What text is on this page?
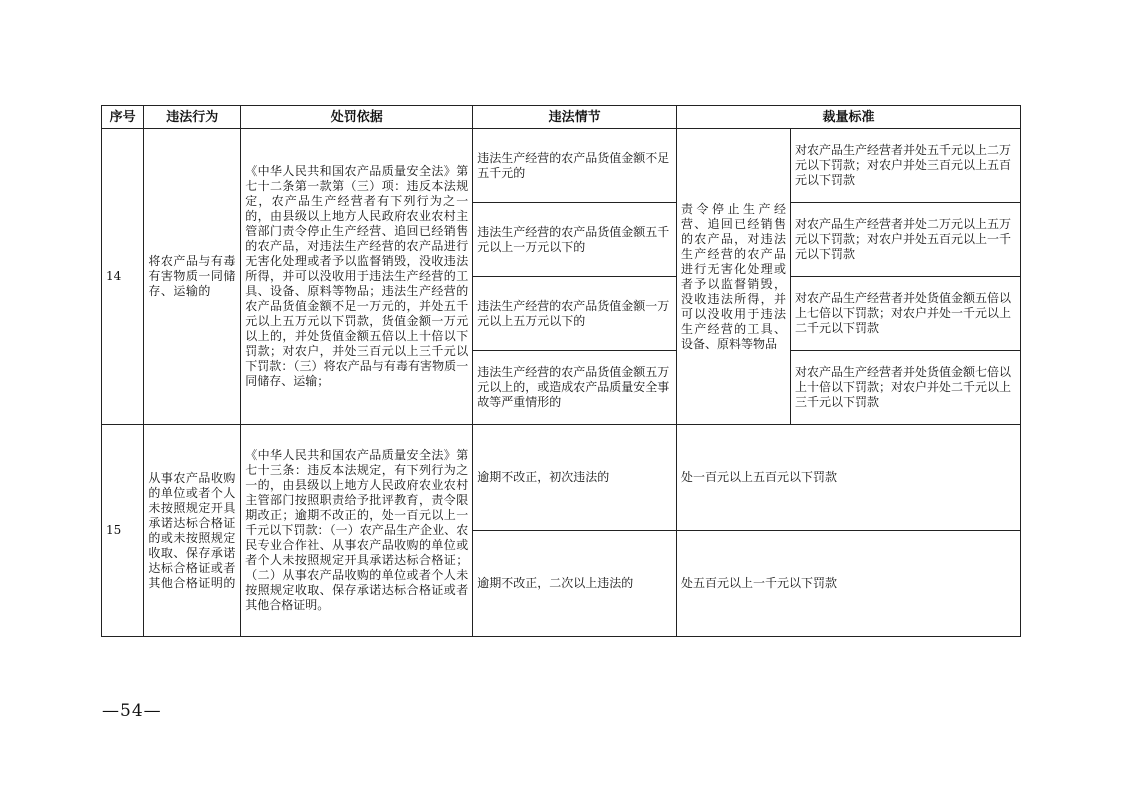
序号	违法行为	处罚依据	违法情节	裁量标准	
14	将农产品与有毒有害物质一同储存、运输的	《中华人民共和国农产品质量安全法》第七十二条第一款第（三）项：违反本法规定，农产品生产经营者有下列行为之一的，由县级以上地方人民政府农业农村主管部门责令停止生产经营、追回已经销售的农产品，对违法生产经营的农产品进行无害化处理或者予以监督销毁，没收违法所得，并可以没收用于违法生产经营的工具、设备、原料等物品；违法生产经营的农产品货值金额不足一万元的，并处五千元以上五万元以下罚款，货值金额一万元以上的，并处货值金额五倍以上十倍以下罚款；对农户，并处三百元以上三千元以下罚款：（三）将农产品与有毒有害物质一同储存、运输；	违法生产经营的农产品货值金额不足五千元的	责令停止生产经营、追回已经销售的农产品，对违法生产经营的农产品进行无害化处理或者予以监督销毁，没收违法所得，并可以没收用于违法生产经营的工具、设备、原料等物品	对农产品生产经营者并处五千元以上二万元以下罚款；对农户并处三百元以上五百元以下罚款
			违法生产经营的农产品货值金额五千元以上一万元以下的		对农产品生产经营者并处二万元以上五万元以下罚款；对农户并处五百元以上一千元以下罚款
			违法生产经营的农产品货值金额一万元以上五万元以下的		对农产品生产经营者并处货值金额五倍以上七倍以下罚款；对农户并处一千元以上二千元以下罚款
			违法生产经营的农产品货值金额五万元以上的，或造成农产品质量安全事故等严重情形的		对农产品生产经营者并处货值金额七倍以上十倍以下罚款；对农户并处二千元以上三千元以下罚款
15	从事农产品收购的单位或者个人未按照规定开具承诺达标合格证的或未按照规定收取、保存承诺达标合格证或者其他合格证明的	《中华人民共和国农产品质量安全法》第七十三条：违反本法规定，有下列行为之一的，由县级以上地方人民政府农业农村主管部门按照职责给予批评教育，责令限期改正；逾期不改正的，处一百元以上一千元以下罚款：（一）农产品生产企业、农民专业合作社、从事农产品收购的单位或者个人未按照规定开具承诺达标合格证；（二）从事农产品收购的单位或者个人未按照规定收取、保存承诺达标合格证或者其他合格证明。	逾期不改正，初次违法的	处一百元以上五百元以下罚款	
			逾期不改正，二次以上违法的	处五百元以上一千元以下罚款	
—54—
